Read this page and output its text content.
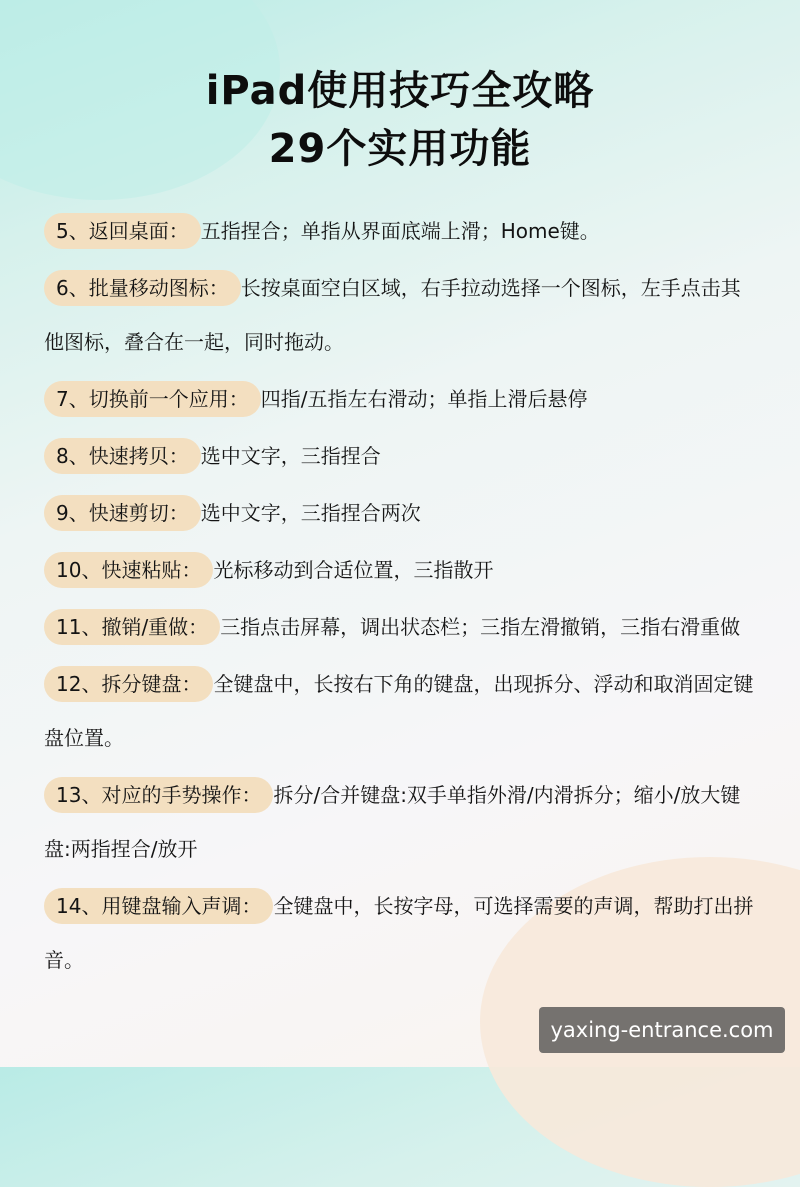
iPad使用技巧全攻略
29个实用功能
5、返回桌面： 五指捏合；单指从界面底端上滑；Home键。
6、批量移动图标： 长按桌面空白区域，右手拉动选择一个图标，左手点击其他图标，叠合在一起，同时拖动。
7、切换前一个应用： 四指/五指左右滑动；单指上滑后悬停
8、快速拷贝： 选中文字，三指捏合
9、快速剪切： 选中文字，三指捏合两次
10、快速粘贴： 光标移动到合适位置，三指散开
11、撤销/重做： 三指点击屏幕，调出状态栏；三指左滑撤销，三指右滑重做
12、拆分键盘： 全键盘中，长按右下角的键盘，出现拆分、浮动和取消固定键盘位置。
13、对应的手势操作： 拆分/合并键盘:双手单指外滑/内滑拆分；缩小/放大键盘:两指捏合/放开
14、用键盘输入声调： 全键盘中，长按字母，可选择需要的声调，帮助打出拼音。
yaxing-entrance.com
